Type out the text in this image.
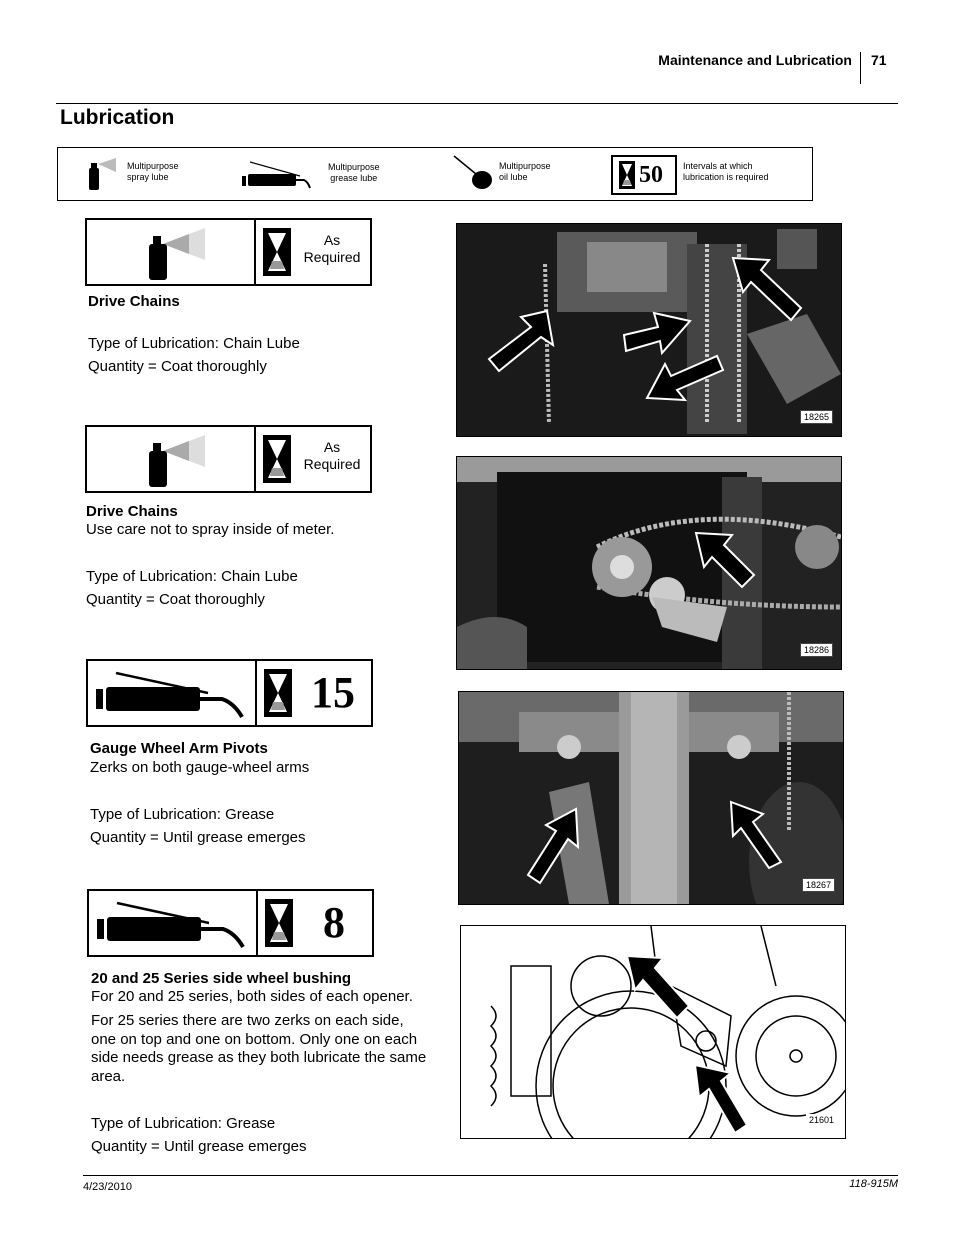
Maintenance and Lubrication 71
Lubrication
Multipurpose
spray lube
Multipurpose
grease lube
Multipurpose
oil lube	50 Intervals at which
lubrication is required
As
Required
Drive Chains
Type of Lubrication: Chain Lube
Quantity = Coat thoroughly
As
Required
Drive Chains
Use care not to spray inside of meter.
Type of Lubrication: Chain Lube
Quantity = Coat thoroughly
15
Gauge Wheel Arm Pivots
Zerks on both gauge-wheel arms
Type of Lubrication: Grease
Quantity = Until grease emerges
8
20 and 25 Series side wheel bushing
For 20 and 25 series, both sides of each opener.
For 25 series there are two zerks on each side, one on top and one on bottom. Only one on each side needs grease as they both lubricate the same area.
Type of Lubrication: Grease
Quantity = Until grease emerges
18265
18286
18267
21601
4/23/2010	118-915M
